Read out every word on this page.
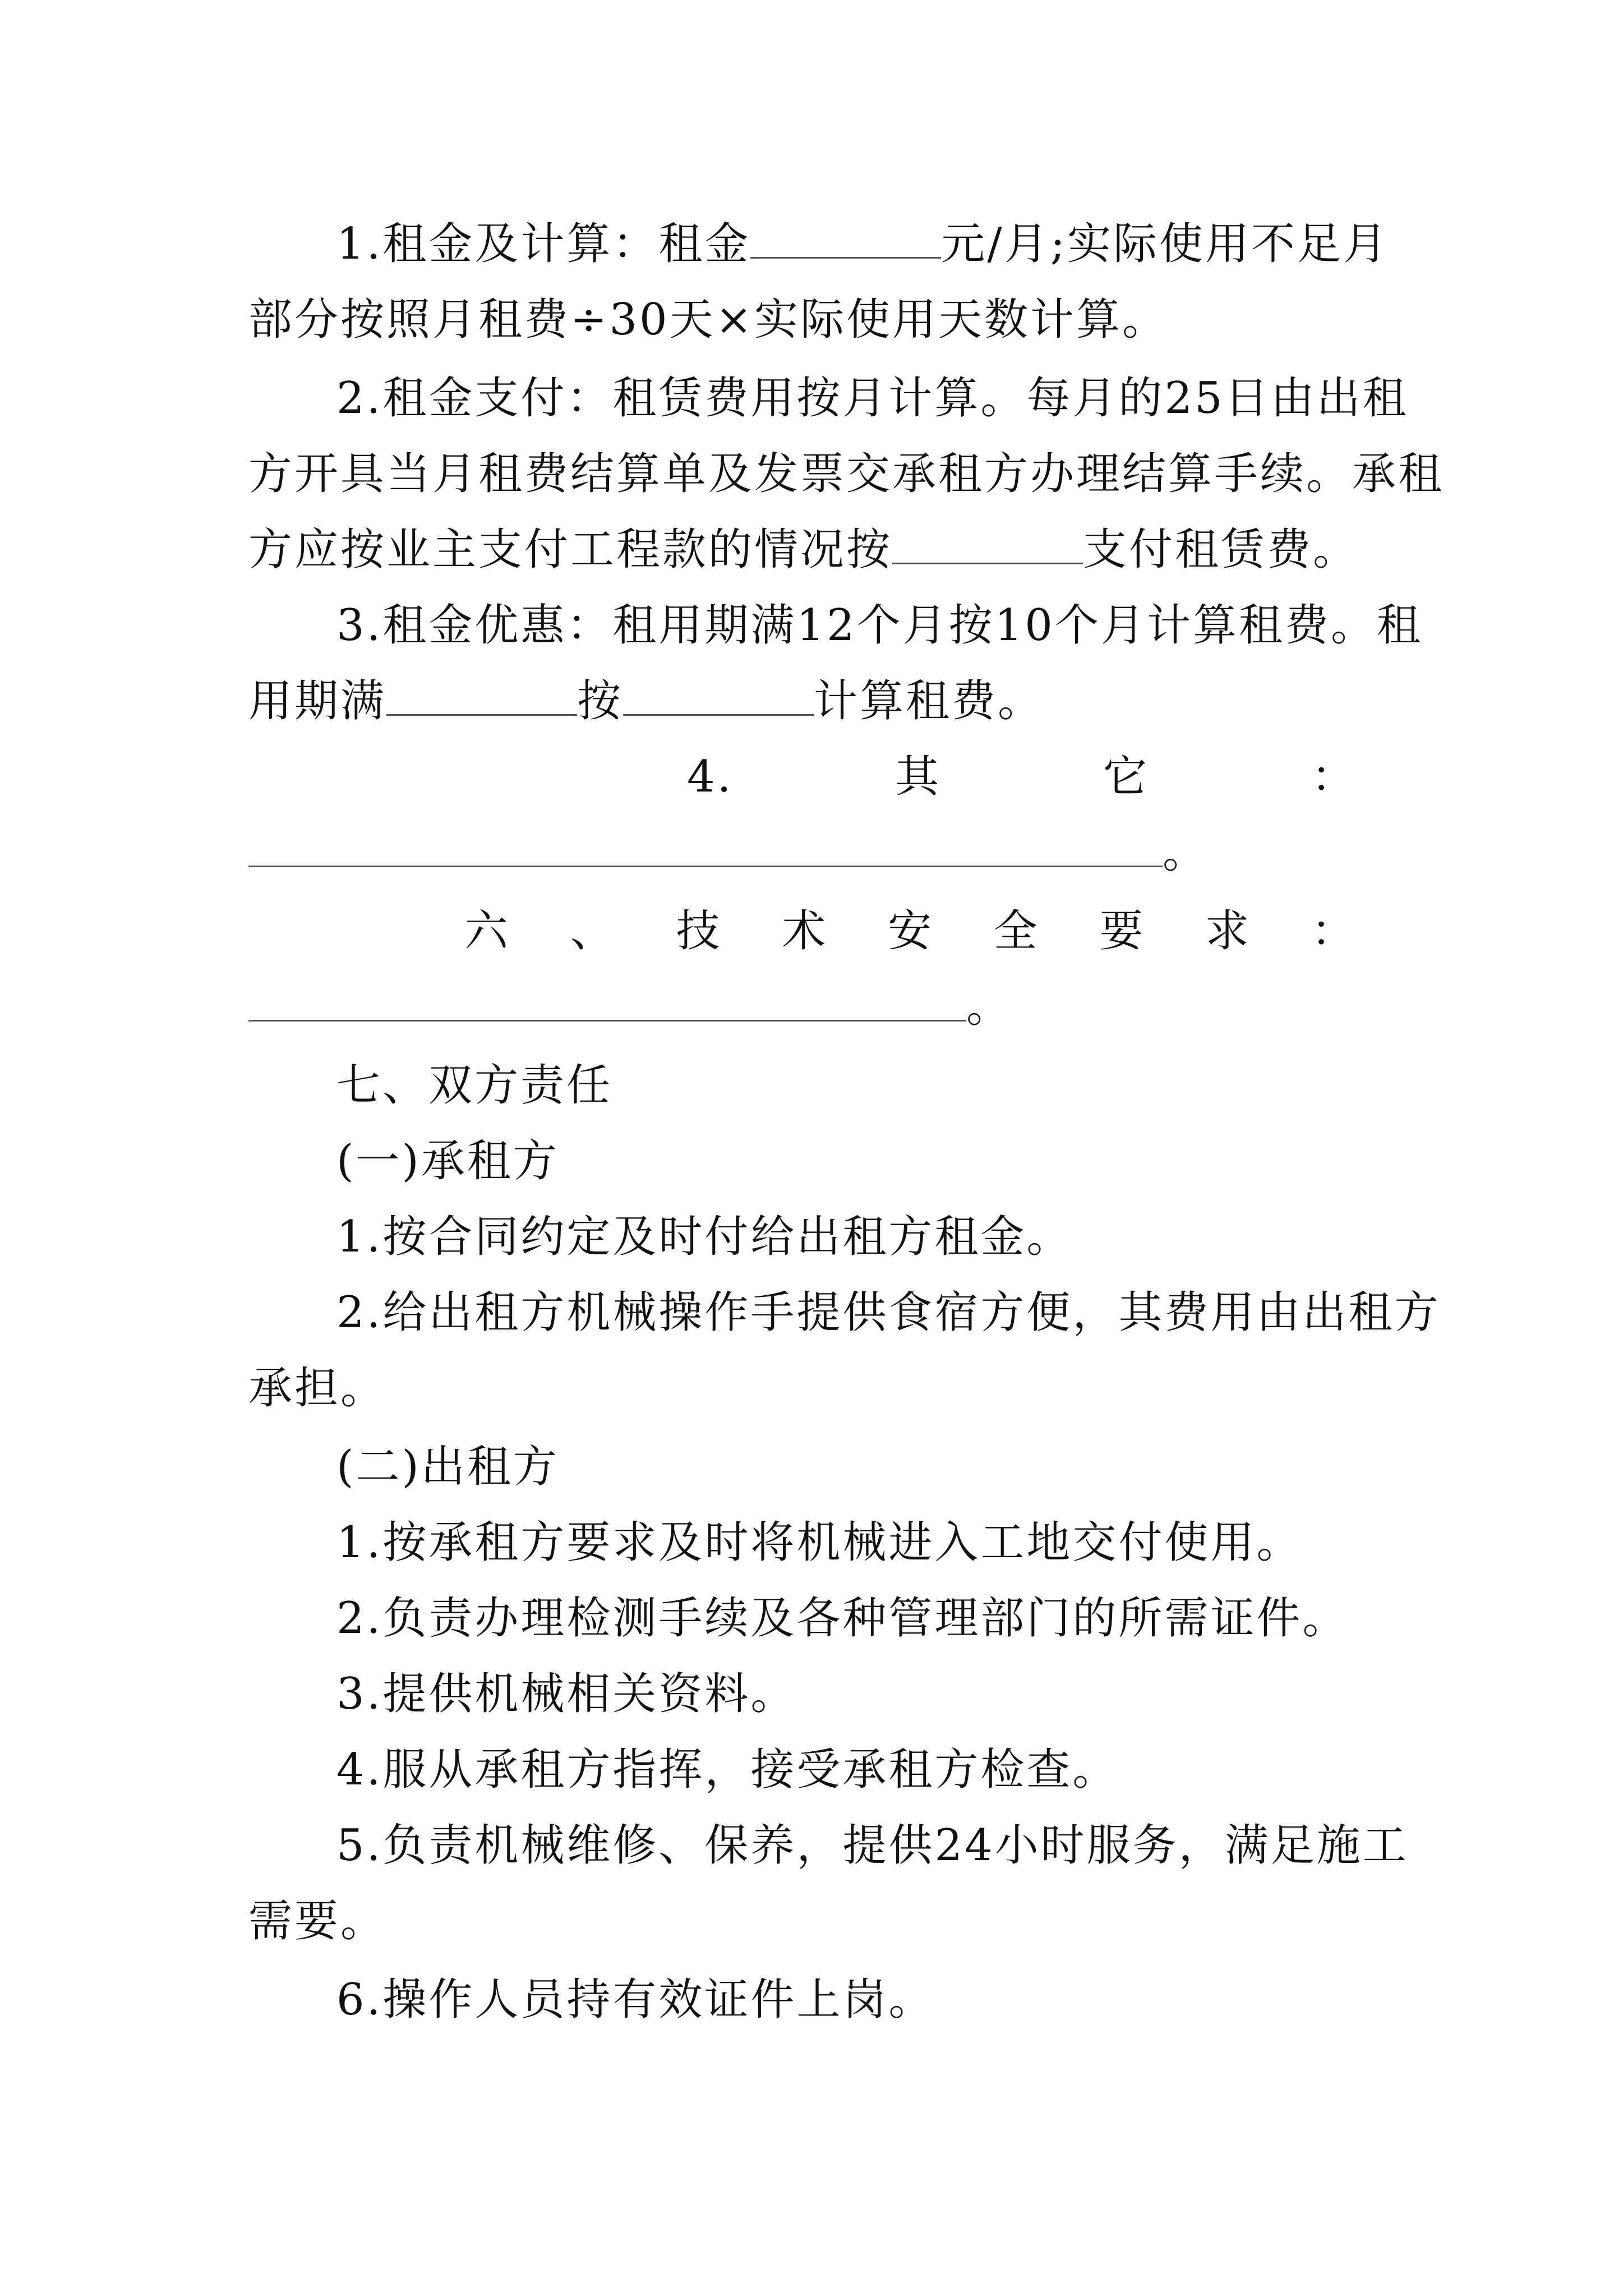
1.租金及计算：租金	元/月;实际使用不足月
部分按照月租费÷30天×实际使用天数计算。
2.租金支付：租赁费用按月计算。每月的25日由出租
方开具当月租费结算单及发票交承租方办理结算手续。承租
方应按业主支付工程款的情况按	支付租赁费。
3.租金优惠：租用期满12个月按10个月计算租费。租
用期满	按	计算租费。
4.	其	它	：
。
六 、 技 术 安 全 要 求 ：
。
七、双方责任
(一)承租方
1.按合同约定及时付给出租方租金。
2.给出租方机械操作手提供食宿方便，其费用由出租方
承担。
(二)出租方
1.按承租方要求及时将机械进入工地交付使用。
2.负责办理检测手续及各种管理部门的所需证件。
3.提供机械相关资料。
4.服从承租方指挥，接受承租方检查。
5.负责机械维修、保养，提供24小时服务，满足施工
需要。
6.操作人员持有效证件上岗。
